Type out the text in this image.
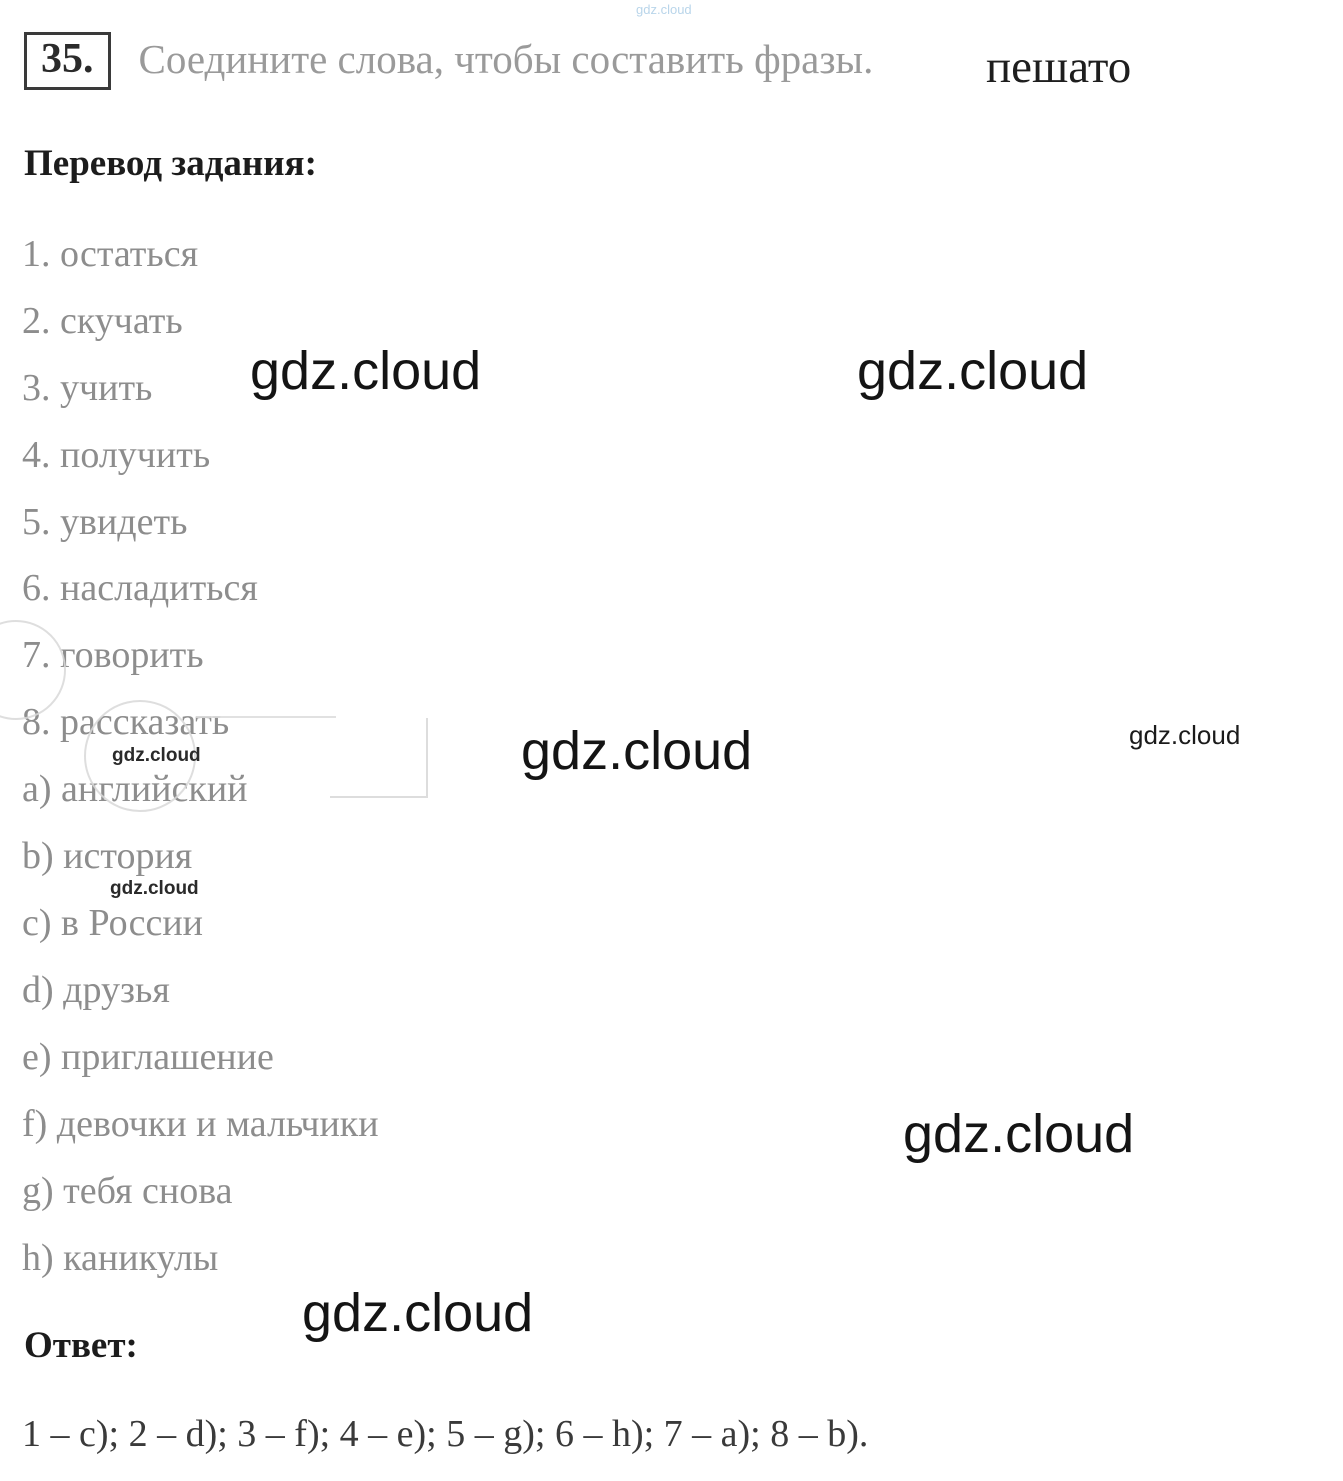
gdz.cloud
35.	Соедините слова, чтобы составить фразы. пешато
Перевод задания:
1. остаться
2. скучать
3. учить
4. получить
5. увидеть
6. насладиться
7. говорить
8. рассказать
a) английский
b) история
c) в России
d) друзья
e) приглашение
f) девочки и мальчики
g) тебя снова
h) каникулы
Ответ:
1 – c); 2 – d); 3 – f); 4 – e); 5 – g); 6 – h); 7 – a); 8 – b).
gdz.cloud	gdz.cloud
gdz.cloud
gdz.cloud
gdz.cloud
gdz.cloud
gdz.cloud
gdz.cloud
